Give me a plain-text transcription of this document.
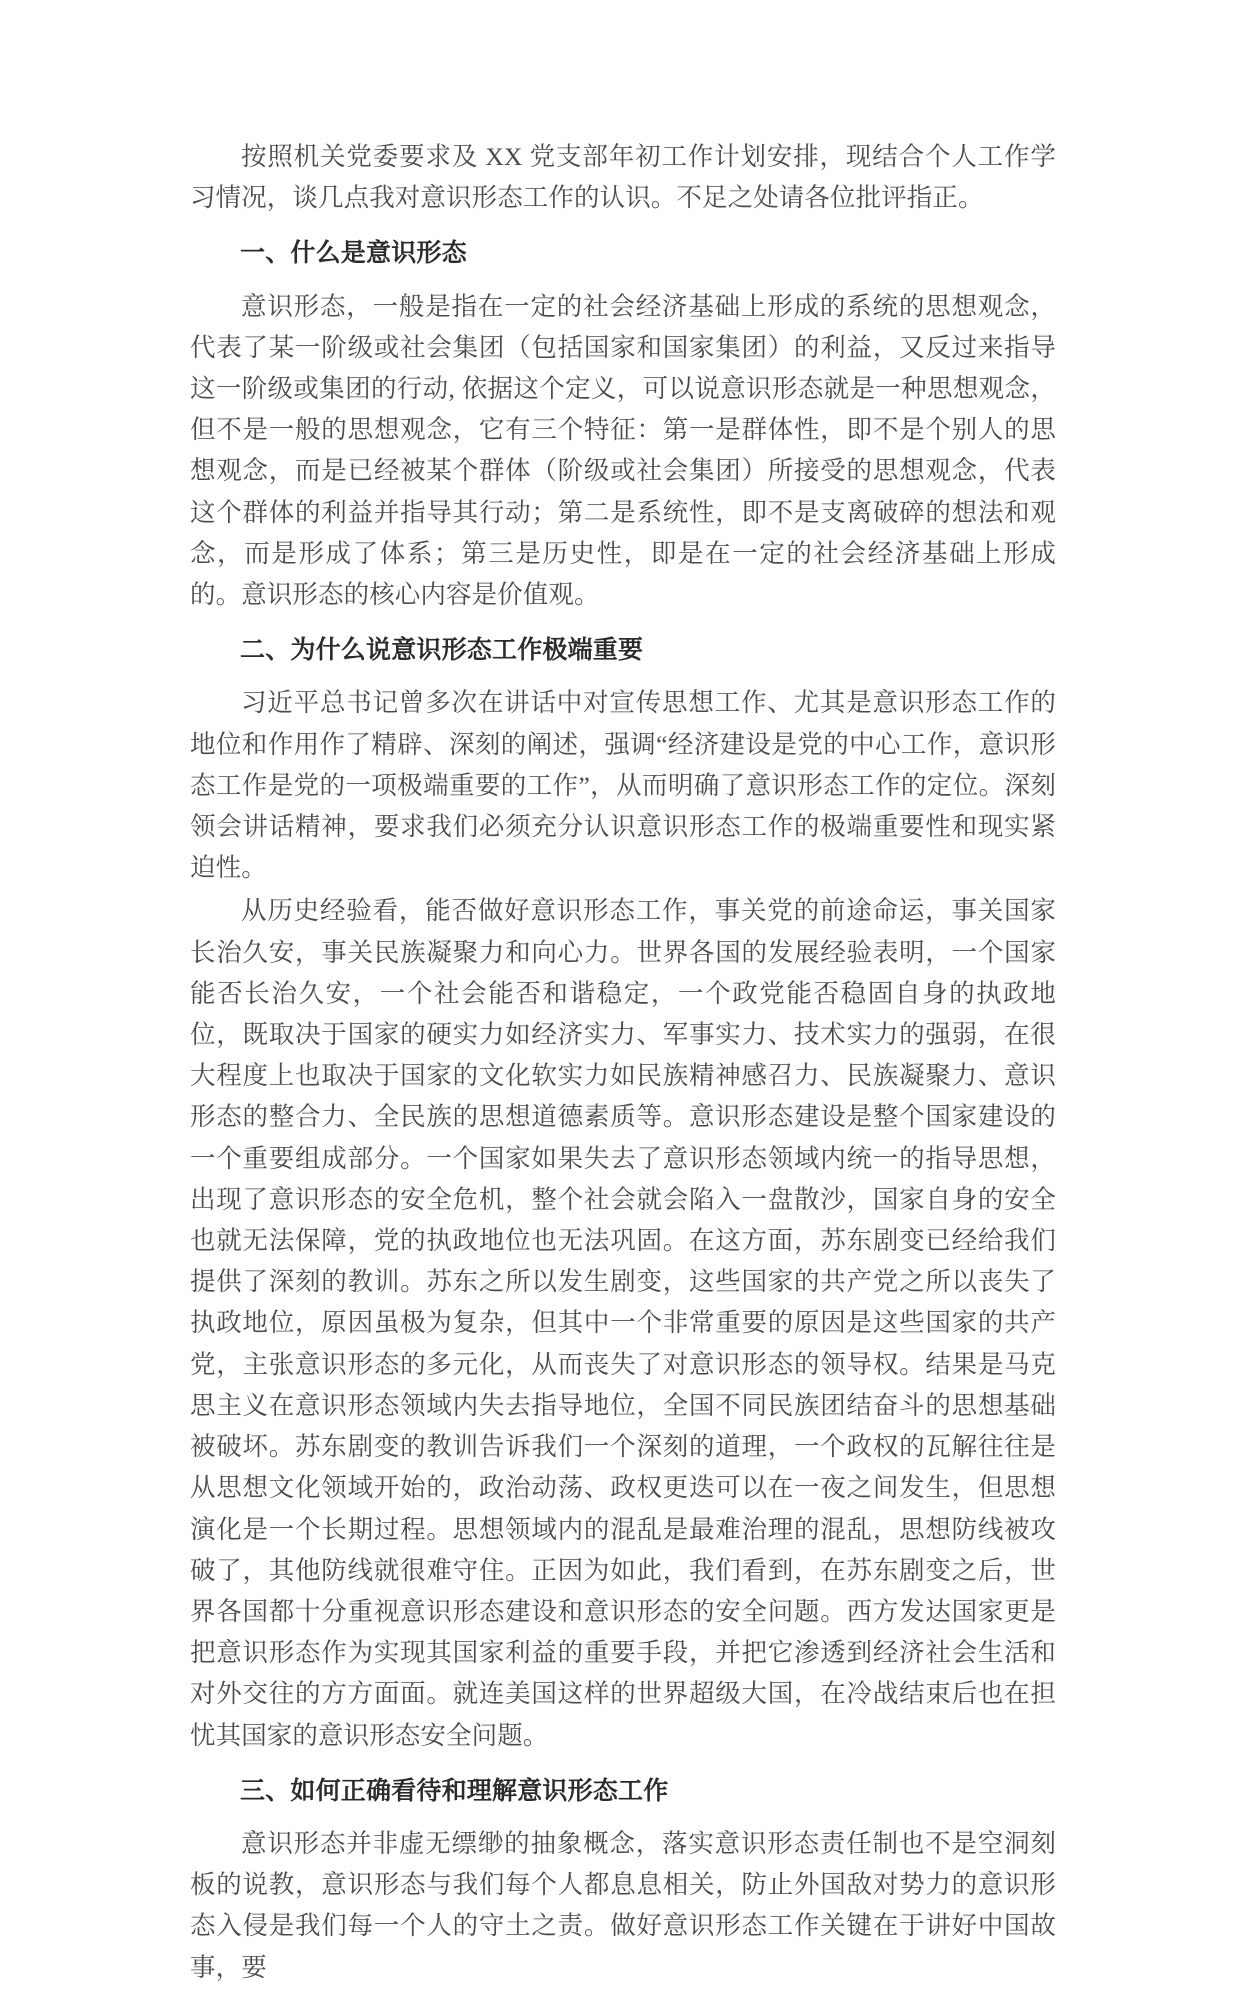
按照机关党委要求及 XX 党支部年初工作计划安排，现结合个人工作学习情况，谈几点我对意识形态工作的认识。不足之处请各位批评指正。

一、什么是意识形态

意识形态，一般是指在一定的社会经济基础上形成的系统的思想观念，代表了某一阶级或社会集团（包括国家和国家集团）的利益，又反过来指导这一阶级或集团的行动, 依据这个定义，可以说意识形态就是一种思想观念，但不是一般的思想观念，它有三个特征：第一是群体性，即不是个别人的思想观念，而是已经被某个群体（阶级或社会集团）所接受的思想观念，代表这个群体的利益并指导其行动；第二是系统性，即不是支离破碎的想法和观念，而是形成了体系；第三是历史性，即是在一定的社会经济基础上形成的。意识形态的核心内容是价值观。

二、为什么说意识形态工作极端重要

习近平总书记曾多次在讲话中对宣传思想工作、尤其是意识形态工作的地位和作用作了精辟、深刻的阐述，强调“经济建设是党的中心工作，意识形态工作是党的一项极端重要的工作”，从而明确了意识形态工作的定位。深刻领会讲话精神，要求我们必须充分认识意识形态工作的极端重要性和现实紧迫性。

从历史经验看，能否做好意识形态工作，事关党的前途命运，事关国家长治久安，事关民族凝聚力和向心力。世界各国的发展经验表明，一个国家能否长治久安，一个社会能否和谐稳定，一个政党能否稳固自身的执政地位，既取决于国家的硬实力如经济实力、军事实力、技术实力的强弱，在很大程度上也取决于国家的文化软实力如民族精神感召力、民族凝聚力、意识形态的整合力、全民族的思想道德素质等。意识形态建设是整个国家建设的一个重要组成部分。一个国家如果失去了意识形态领域内统一的指导思想，出现了意识形态的安全危机，整个社会就会陷入一盘散沙，国家自身的安全也就无法保障，党的执政地位也无法巩固。在这方面，苏东剧变已经给我们提供了深刻的教训。苏东之所以发生剧变，这些国家的共产党之所以丧失了执政地位，原因虽极为复杂，但其中一个非常重要的原因是这些国家的共产党，主张意识形态的多元化，从而丧失了对意识形态的领导权。结果是马克思主义在意识形态领域内失去指导地位，全国不同民族团结奋斗的思想基础被破坏。苏东剧变的教训告诉我们一个深刻的道理，一个政权的瓦解往往是从思想文化领域开始的，政治动荡、政权更迭可以在一夜之间发生，但思想演化是一个长期过程。思想领域内的混乱是最难治理的混乱，思想防线被攻破了，其他防线就很难守住。正因为如此，我们看到，在苏东剧变之后，世界各国都十分重视意识形态建设和意识形态的安全问题。西方发达国家更是把意识形态作为实现其国家利益的重要手段，并把它渗透到经济社会生活和对外交往的方方面面。就连美国这样的世界超级大国，在冷战结束后也在担忧其国家的意识形态安全问题。

三、如何正确看待和理解意识形态工作

意识形态并非虚无缥缈的抽象概念，落实意识形态责任制也不是空洞刻板的说教，意识形态与我们每个人都息息相关，防止外国敌对势力的意识形态入侵是我们每一个人的守土之责。做好意识形态工作关键在于讲好中国故事，要
